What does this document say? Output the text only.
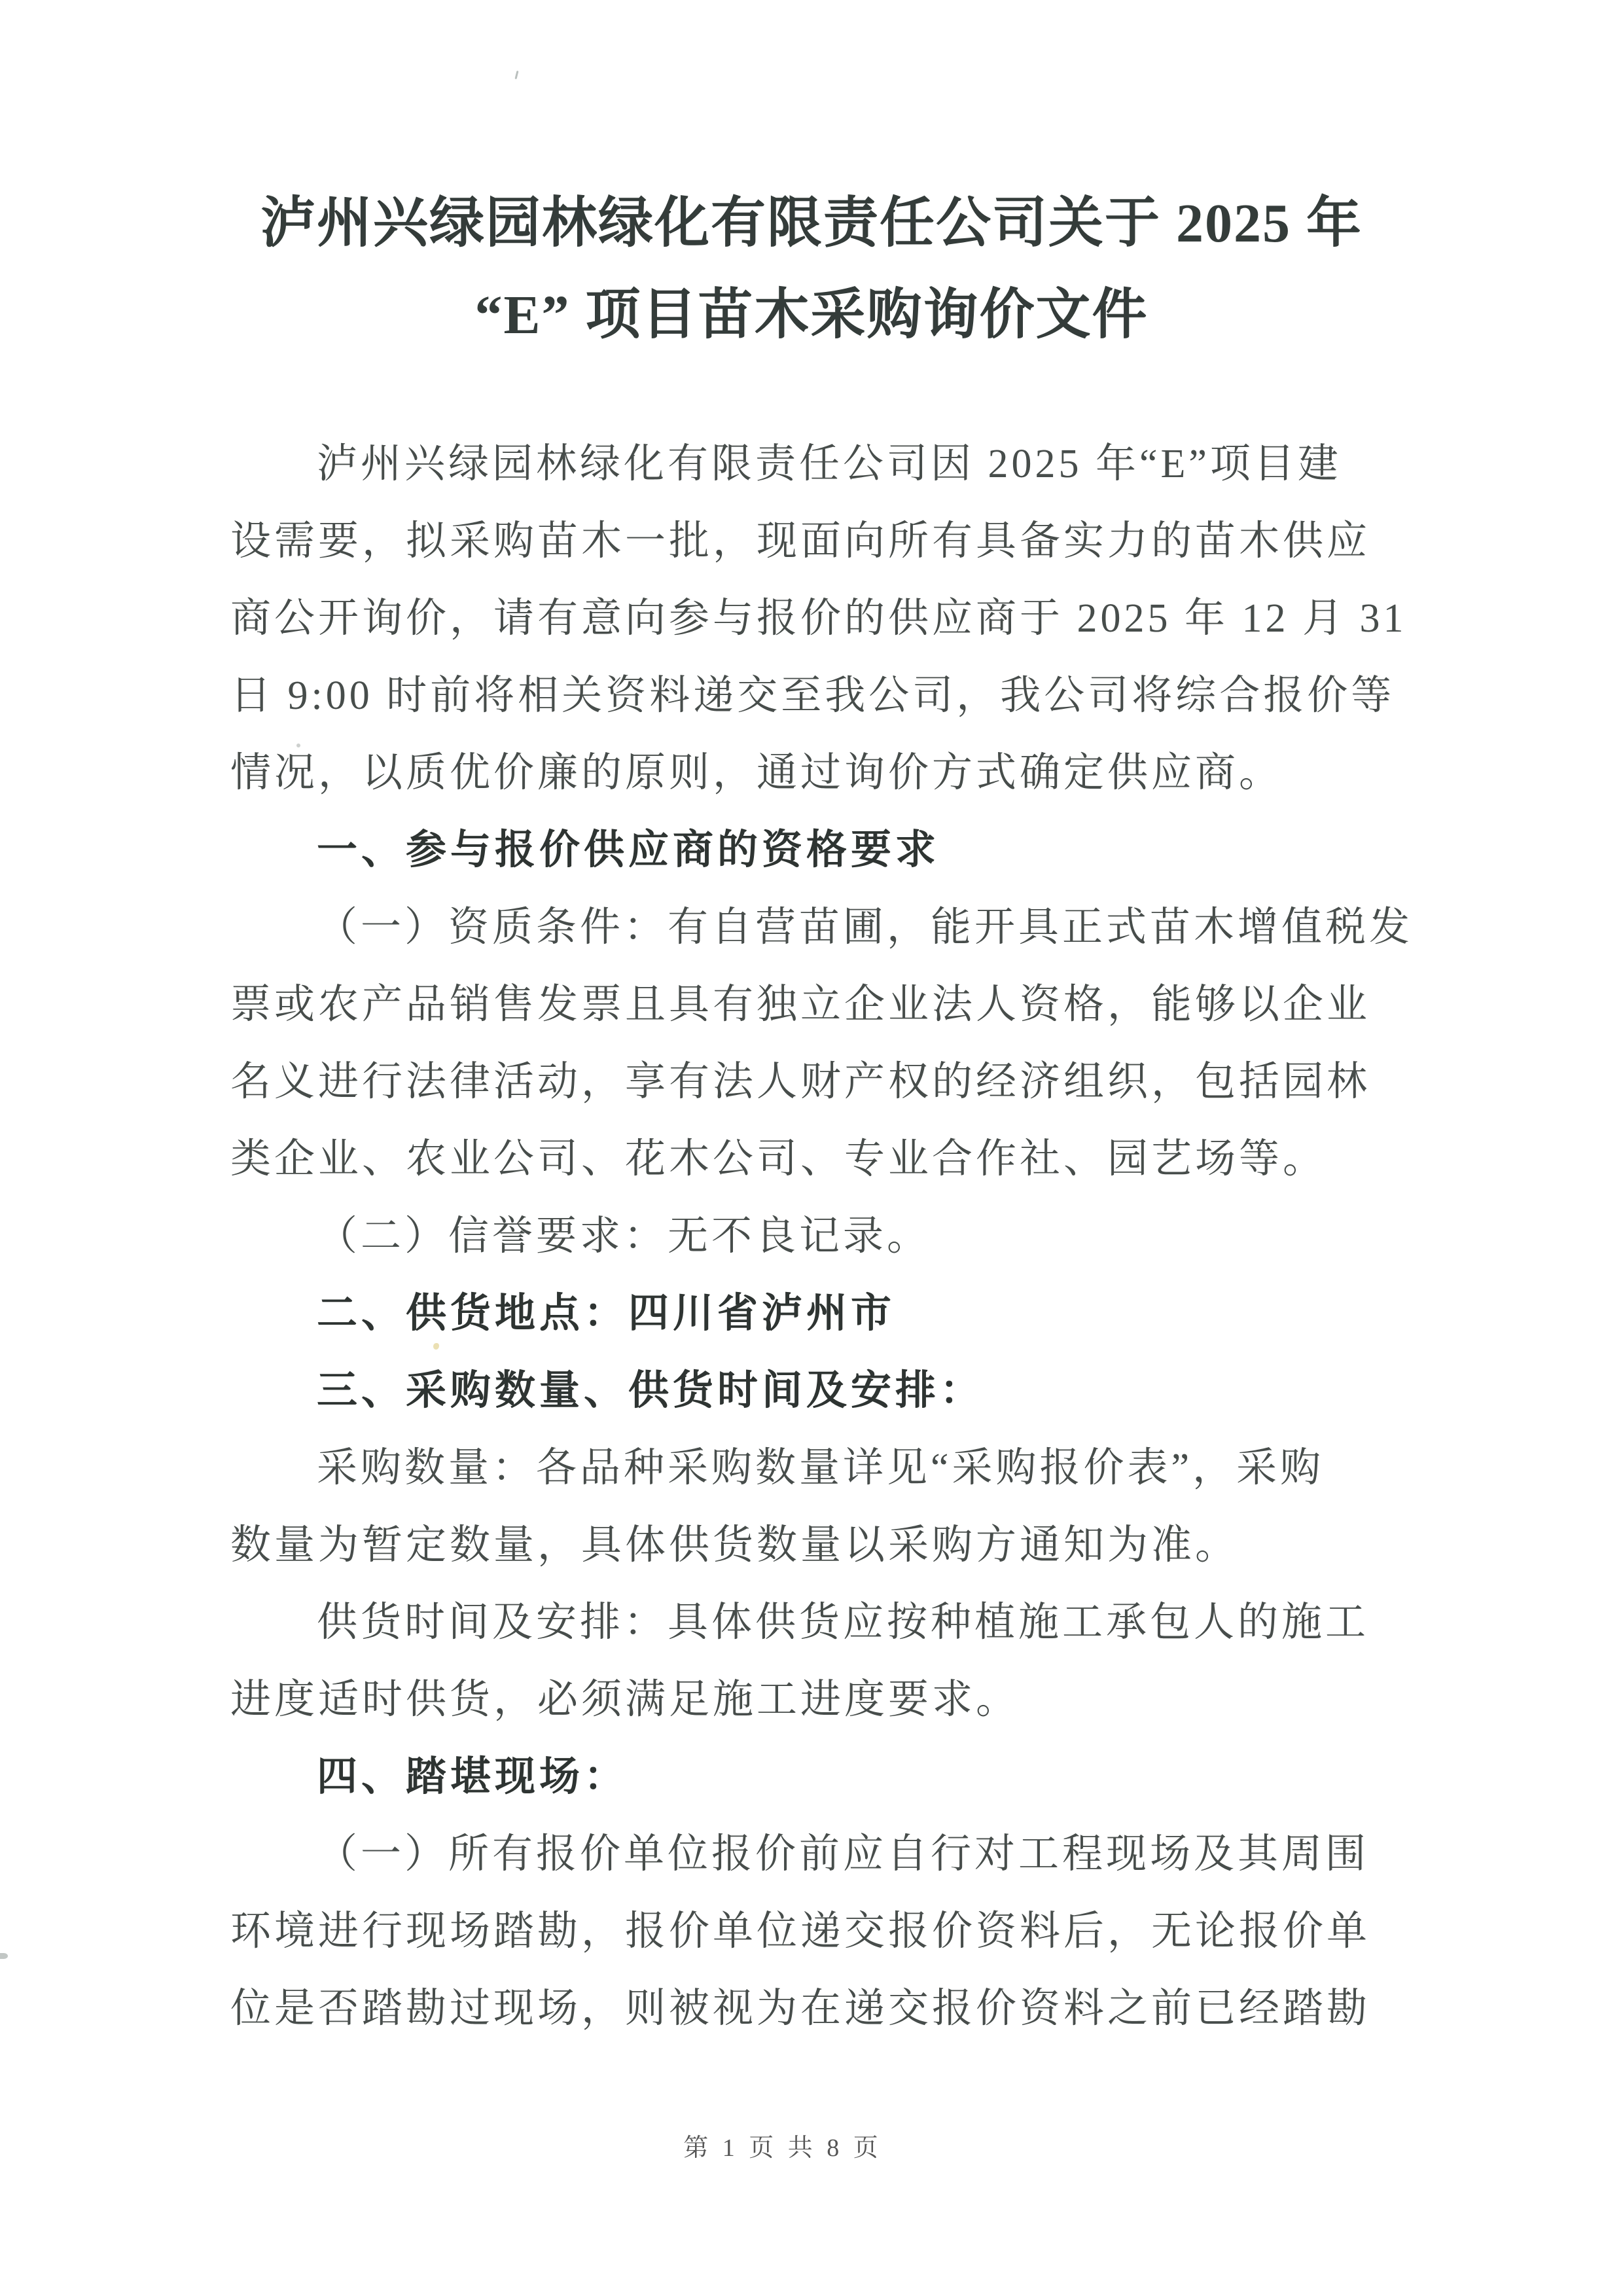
泸州兴绿园林绿化有限责任公司关于 2025 年
“E” 项目苗木采购询价文件
泸州兴绿园林绿化有限责任公司因 2025 年“E”项目建
设需要，拟采购苗木一批，现面向所有具备实力的苗木供应
商公开询价，请有意向参与报价的供应商于 2025 年 12 月 31
日 9:00 时前将相关资料递交至我公司，我公司将综合报价等
情况，以质优价廉的原则，通过询价方式确定供应商。
一、参与报价供应商的资格要求
（一）资质条件：有自营苗圃，能开具正式苗木增值税发
票或农产品销售发票且具有独立企业法人资格，能够以企业
名义进行法律活动，享有法人财产权的经济组织，包括园林
类企业、农业公司、花木公司、专业合作社、园艺场等。
（二）信誉要求：无不良记录。
二、供货地点：四川省泸州市
三、采购数量、供货时间及安排：
采购数量：各品种采购数量详见“采购报价表”，采购
数量为暂定数量，具体供货数量以采购方通知为准。
供货时间及安排：具体供货应按种植施工承包人的施工
进度适时供货，必须满足施工进度要求。
四、踏堪现场：
（一）所有报价单位报价前应自行对工程现场及其周围
环境进行现场踏勘，报价单位递交报价资料后，无论报价单
位是否踏勘过现场，则被视为在递交报价资料之前已经踏勘
第 1 页 共 8 页
